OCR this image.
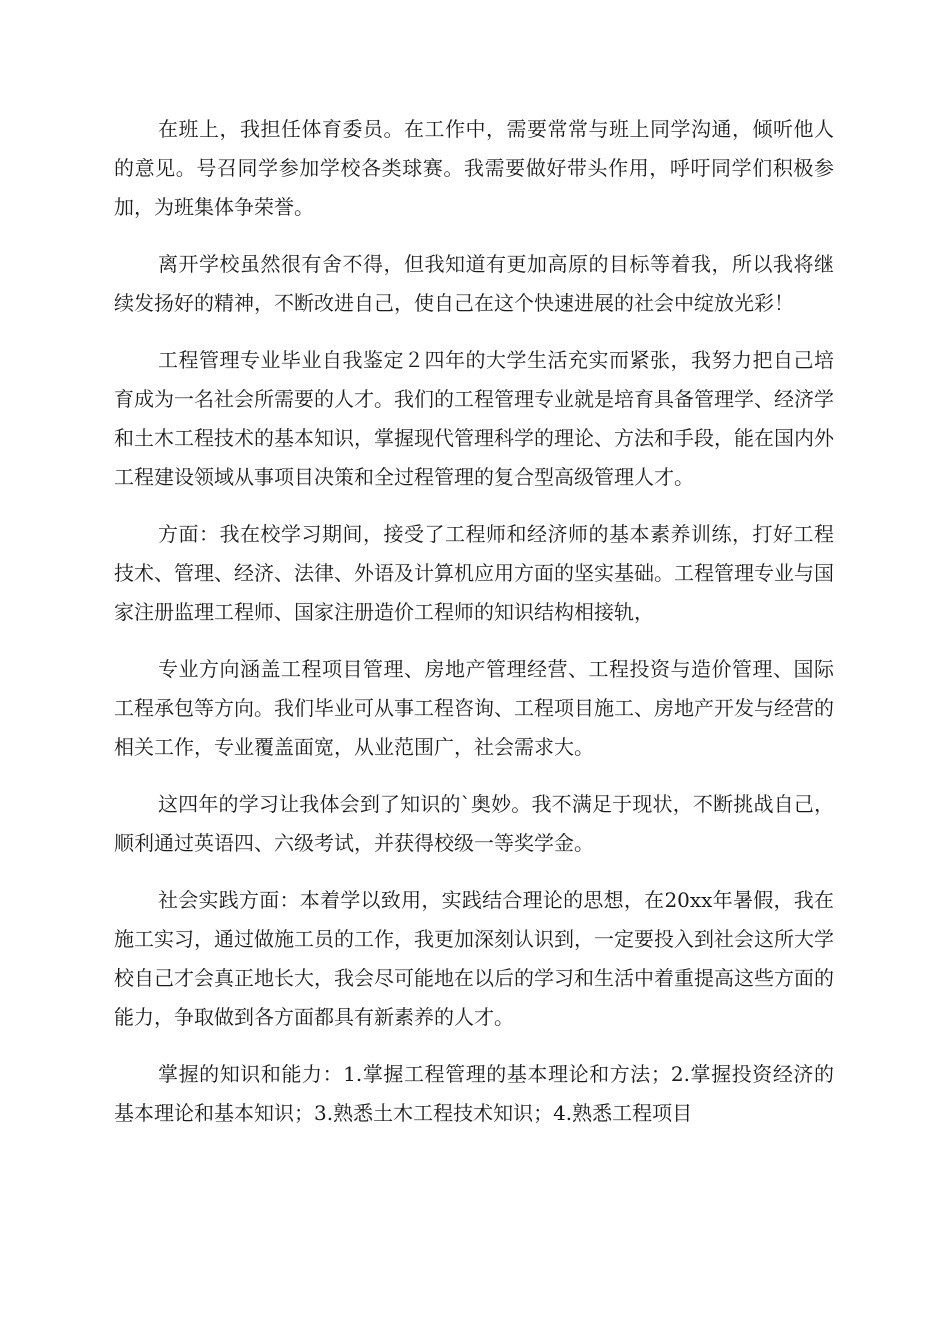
在班上，我担任体育委员。在工作中，需要常常与班上同学沟通，倾听他人的意见。号召同学参加学校各类球赛。我需要做好带头作用，呼吁同学们积极参加，为班集体争荣誉。

离开学校虽然很有舍不得，但我知道有更加高原的目标等着我，所以我将继续发扬好的精神，不断改进自己，使自己在这个快速进展的社会中绽放光彩！

工程管理专业毕业自我鉴定２四年的大学生活充实而紧张，我努力把自己培育成为一名社会所需要的人才。我们的工程管理专业就是培育具备管理学、经济学和土木工程技术的基本知识，掌握现代管理科学的理论、方法和手段，能在国内外工程建设领域从事项目决策和全过程管理的复合型高级管理人才。

方面：我在校学习期间，接受了工程师和经济师的基本素养训练，打好工程技术、管理、经济、法律、外语及计算机应用方面的坚实基础。工程管理专业与国家注册监理工程师、国家注册造价工程师的知识结构相接轨，

专业方向涵盖工程项目管理、房地产管理经营、工程投资与造价管理、国际工程承包等方向。我们毕业可从事工程咨询、工程项目施工、房地产开发与经营的相关工作，专业覆盖面宽，从业范围广，社会需求大。

这四年的学习让我体会到了知识的`奥妙。我不满足于现状，不断挑战自己，顺利通过英语四、六级考试，并获得校级一等奖学金。

社会实践方面：本着学以致用，实践结合理论的思想，在20xx年暑假，我在施工实习，通过做施工员的工作，我更加深刻认识到，一定要投入到社会这所大学校自己才会真正地长大，我会尽可能地在以后的学习和生活中着重提高这些方面的能力，争取做到各方面都具有新素养的人才。

掌握的知识和能力：1.掌握工程管理的基本理论和方法；2.掌握投资经济的基本理论和基本知识；3.熟悉土木工程技术知识；4.熟悉工程项目
